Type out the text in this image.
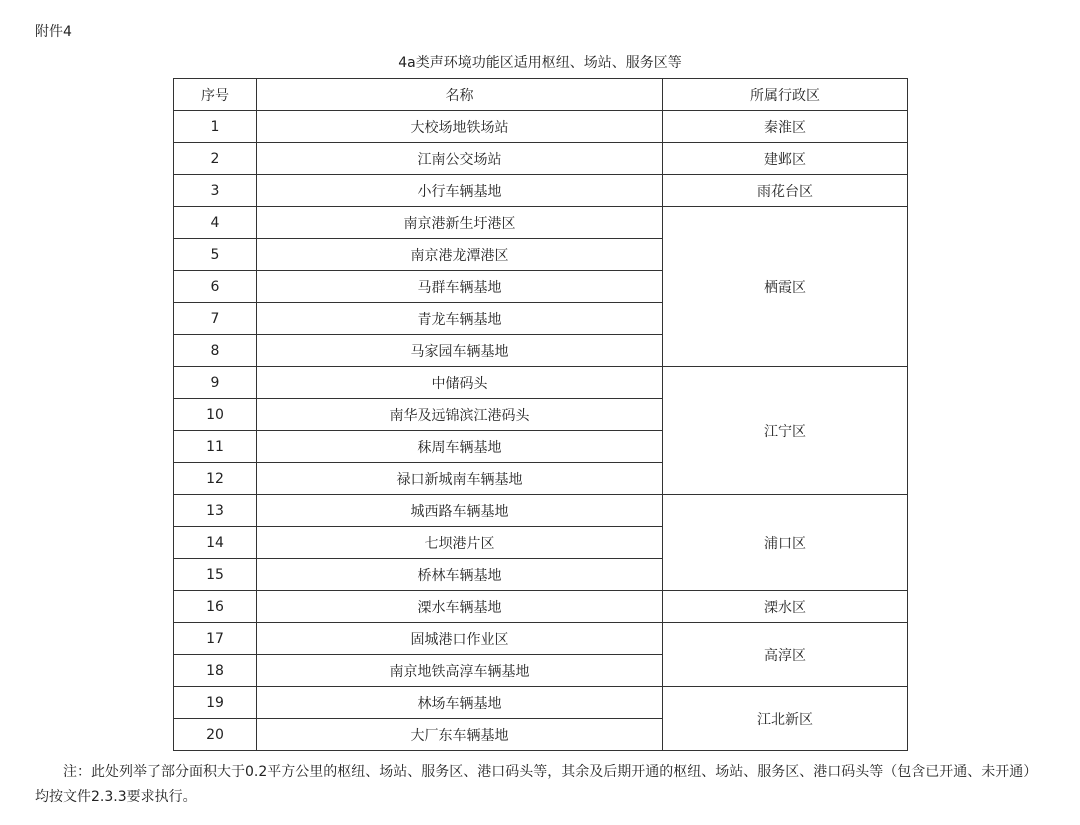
附件4
4a类声环境功能区适用枢纽、场站、服务区等
序号	名称	所属行政区
1	大校场地铁场站	秦淮区
2	江南公交场站	建邺区
3	小行车辆基地	雨花台区
4	南京港新生圩港区	栖霞区
5	南京港龙潭港区	
6	马群车辆基地	
7	青龙车辆基地	
8	马家园车辆基地	
9	中储码头	江宁区
10	南华及远锦滨江港码头	
11	秣周车辆基地	
12	禄口新城南车辆基地	
13	城西路车辆基地	浦口区
14	七坝港片区	
15	桥林车辆基地	
16	溧水车辆基地	溧水区
17	固城港口作业区	高淳区
18	南京地铁高淳车辆基地	
19	林场车辆基地	江北新区
20	大厂东车辆基地	
注：此处列举了部分面积大于0.2平方公里的枢纽、场站、服务区、港口码头等，其余及后期开通的枢纽、场站、服务区、港口码头等（包含已开通、未开通）均按文件2.3.3要求执行。
